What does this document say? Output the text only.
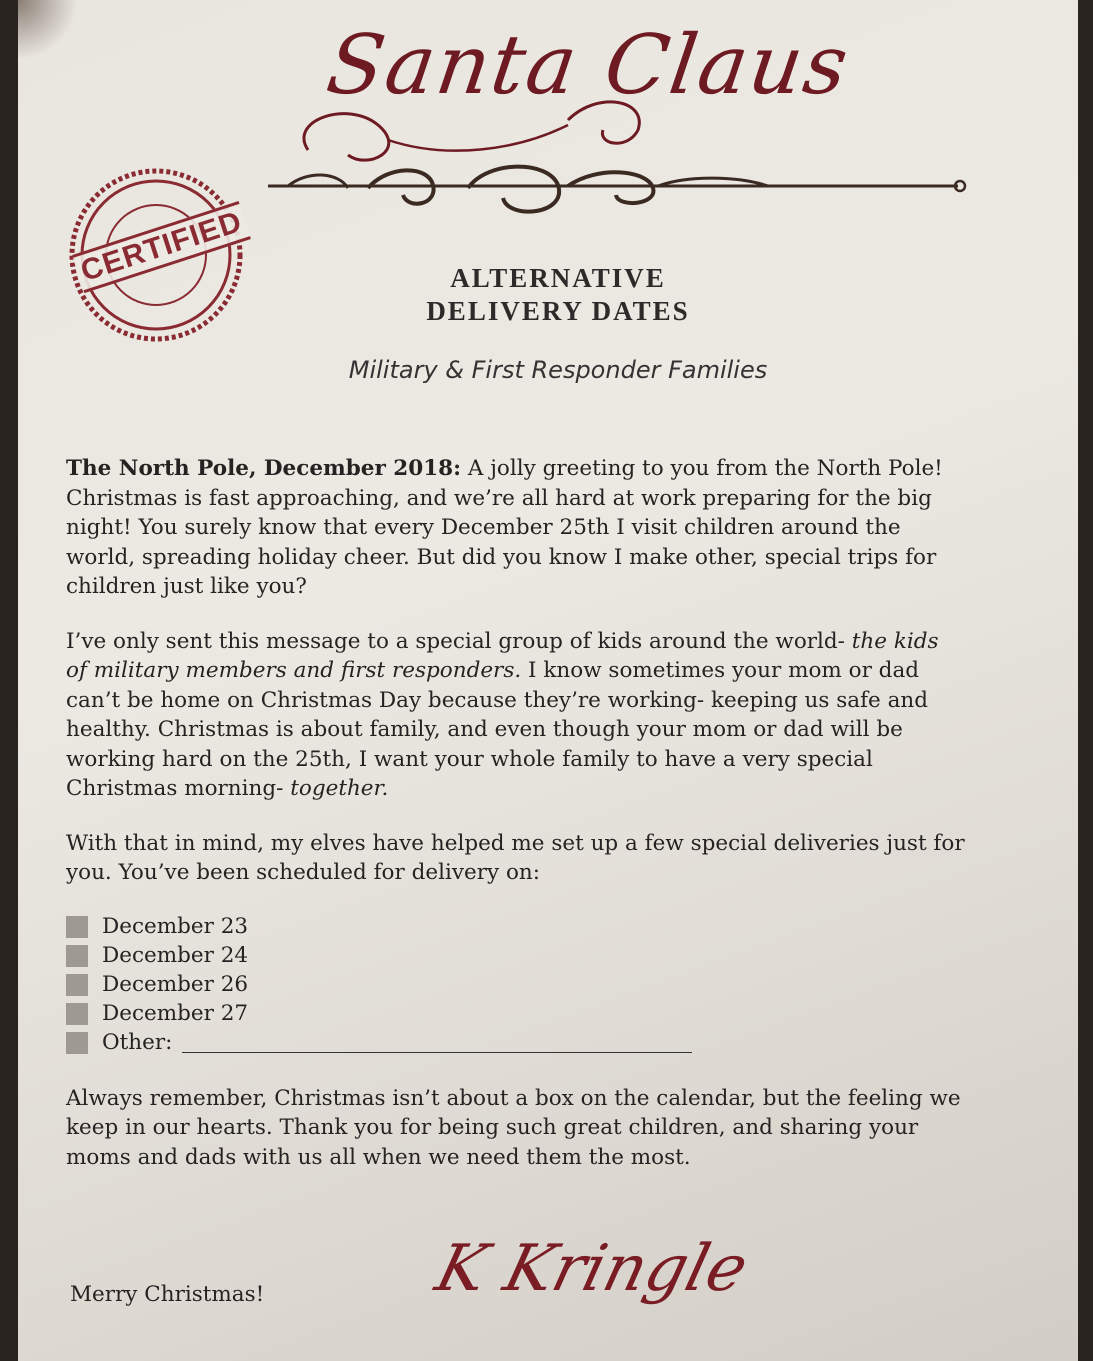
Santa Claus
CERTIFIED	ALTERNATIVE
DELIVERY DATES
Military & First Responder Families

The North Pole, December 2018: A jolly greeting to you from the North Pole! Christmas is fast approaching, and we’re all hard at work preparing for the big night! You surely know that every December 25th I visit children around the world, spreading holiday cheer. But did you know I make other, special trips for children just like you?

I’ve only sent this message to a special group of kids around the world- the kids of military members and first responders. I know sometimes your mom or dad can’t be home on Christmas Day because they’re working- keeping us safe and healthy. Christmas is about family, and even though your mom or dad will be working hard on the 25th, I want your whole family to have a very special Christmas morning- together.

With that in mind, my elves have helped me set up a few special deliveries just for you. You’ve been scheduled for delivery on:

December 23
December 24
December 26
December 27
Other:

Always remember, Christmas isn’t about a box on the calendar, but the feeling we keep in our hearts. Thank you for being such great children, and sharing your moms and dads with us all when we need them the most.

Merry Christmas!	K Kringle
